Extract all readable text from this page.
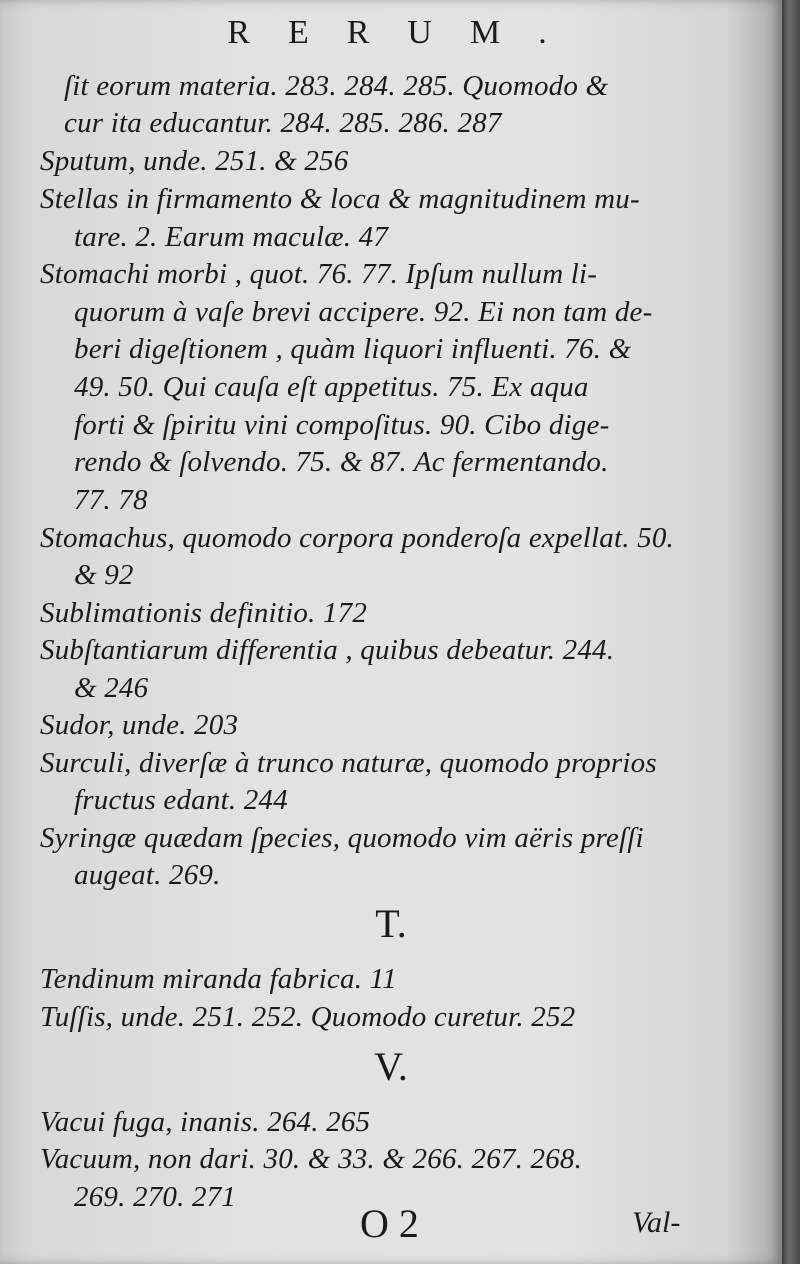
RERUM.
ſit eorum materia. 283. 284. 285. Quomodo &
cur ita educantur. 284. 285. 286. 287
Sputum, unde. 251. & 256
Stellas in firmamento & loca & magnitudinem mu-
tare. 2. Earum maculæ. 47
Stomachi morbi , quot. 76. 77. Ipſum nullum li-
quorum à vaſe brevi accipere. 92. Ei non tam de-
beri digeſtionem , quàm liquori influenti. 76. &
49. 50. Qui cauſa eſt appetitus. 75. Ex aqua
forti & ſpiritu vini compoſitus. 90. Cibo dige-
rendo & ſolvendo. 75. & 87. Ac fermentando.
77. 78
Stomachus, quomodo corpora ponderoſa expellat. 50.
& 92
Sublimationis definitio. 172
Subſtantiarum differentia , quibus debeatur. 244.
& 246
Sudor, unde. 203
Surculi, diverſæ à trunco naturæ, quomodo proprios
fructus edant. 244
Syringæ quædam ſpecies, quomodo vim aëris preſſi
augeat. 269.
T.
Tendinum miranda fabrica. 11
Tuſſis, unde. 251. 252. Quomodo curetur. 252
V.
Vacui fuga, inanis. 264. 265
Vacuum, non dari. 30. & 33. & 266. 267. 268.
269. 270. 271
O 2	Val-
